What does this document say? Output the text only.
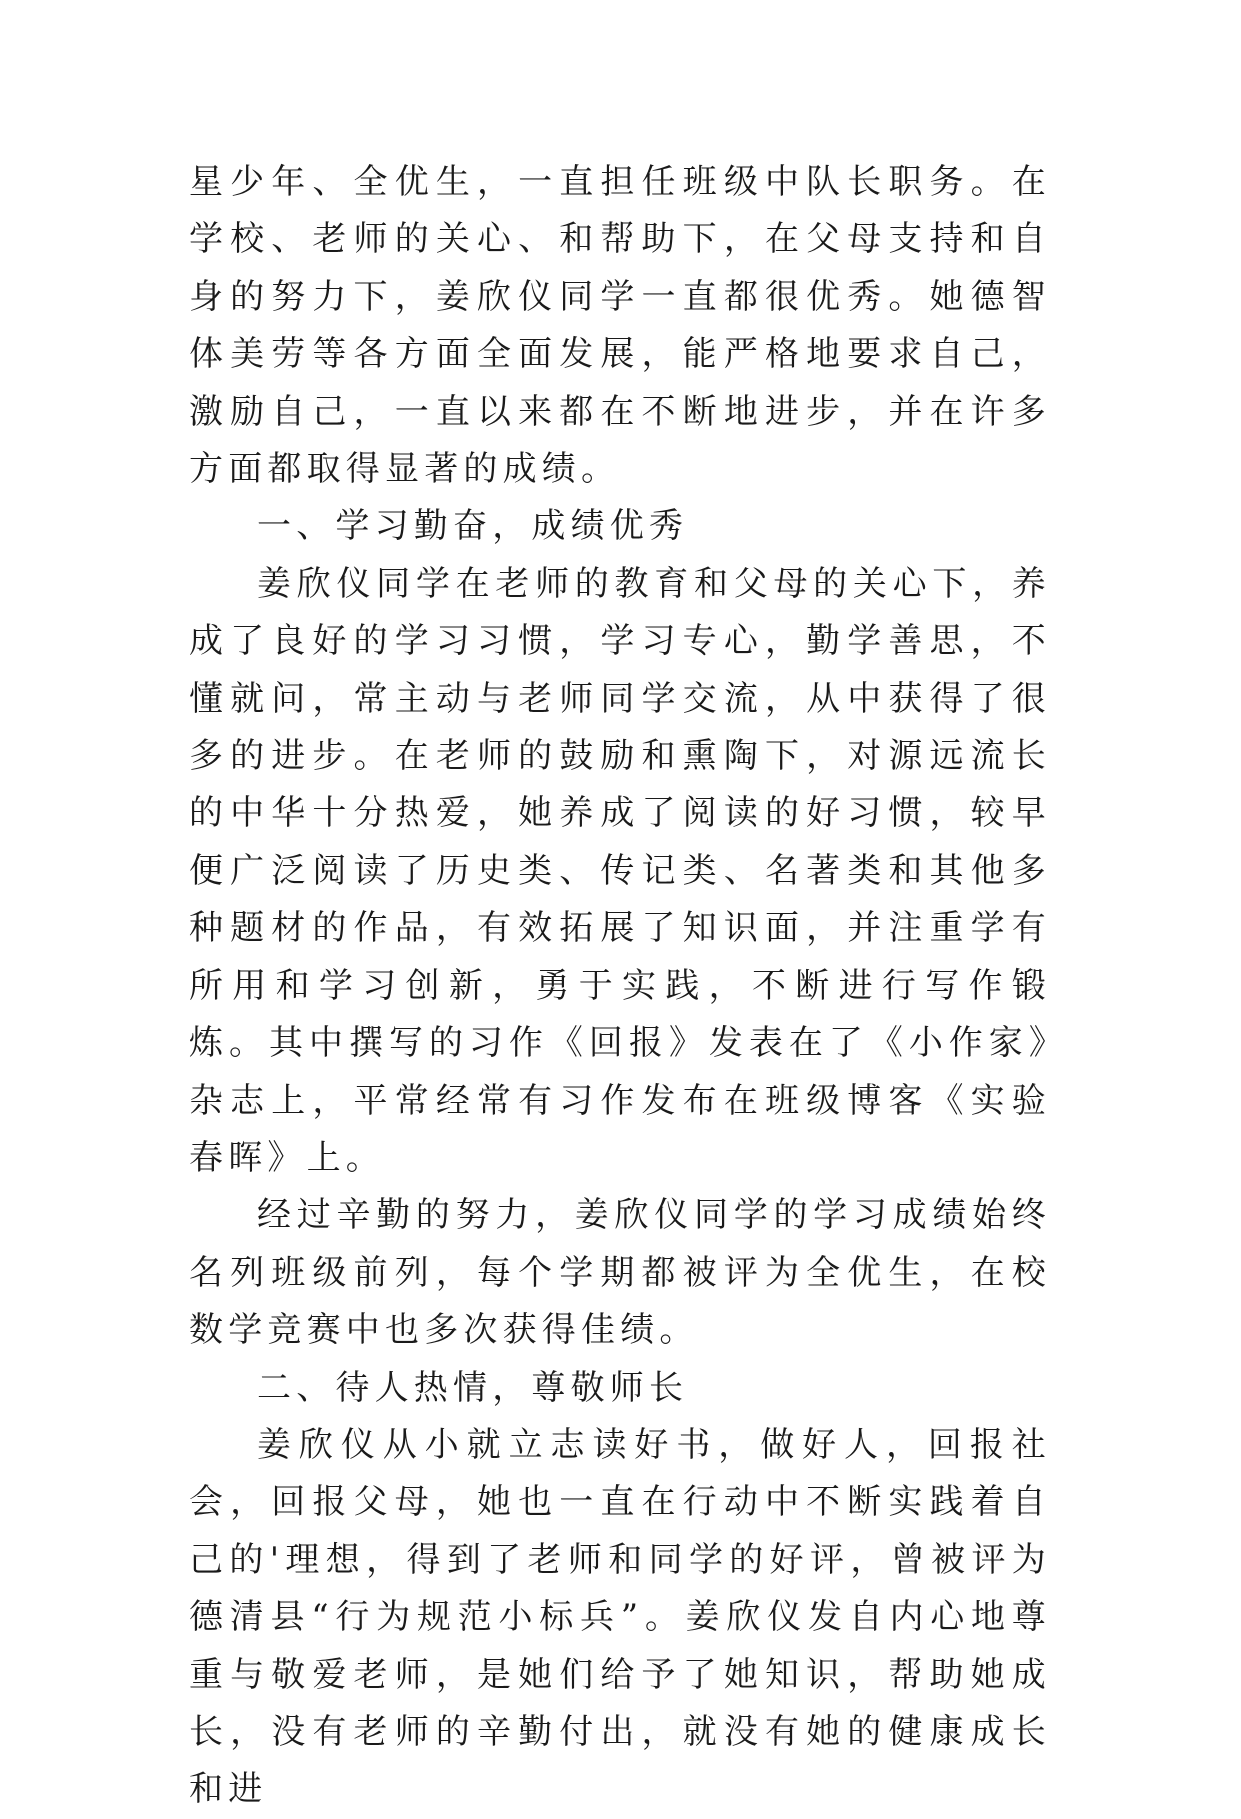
星少年、全优生，一直担任班级中队长职务。在学校、老师的关心、和帮助下，在父母支持和自身的努力下，姜欣仪同学一直都很优秀。她德智体美劳等各方面全面发展，能严格地要求自己，激励自己，一直以来都在不断地进步，并在许多方面都取得显著的成绩。

一、学习勤奋，成绩优秀

姜欣仪同学在老师的教育和父母的关心下，养成了良好的学习习惯，学习专心，勤学善思，不懂就问，常主动与老师同学交流，从中获得了很多的进步。在老师的鼓励和熏陶下，对源远流长的中华十分热爱，她养成了阅读的好习惯，较早便广泛阅读了历史类、传记类、名著类和其他多种题材的作品，有效拓展了知识面，并注重学有所用和学习创新，勇于实践，不断进行写作锻炼。其中撰写的习作《回报》发表在了《小作家》杂志上，平常经常有习作发布在班级博客《实验春晖》上。

经过辛勤的努力，姜欣仪同学的学习成绩始终名列班级前列，每个学期都被评为全优生，在校数学竞赛中也多次获得佳绩。

二、待人热情，尊敬师长

姜欣仪从小就立志读好书，做好人，回报社会，回报父母，她也一直在行动中不断实践着自己的'理想，得到了老师和同学的好评，曾被评为德清县“行为规范小标兵”。姜欣仪发自内心地尊重与敬爱老师，是她们给予了她知识，帮助她成长，没有老师的辛勤付出，就没有她的健康成长和进
